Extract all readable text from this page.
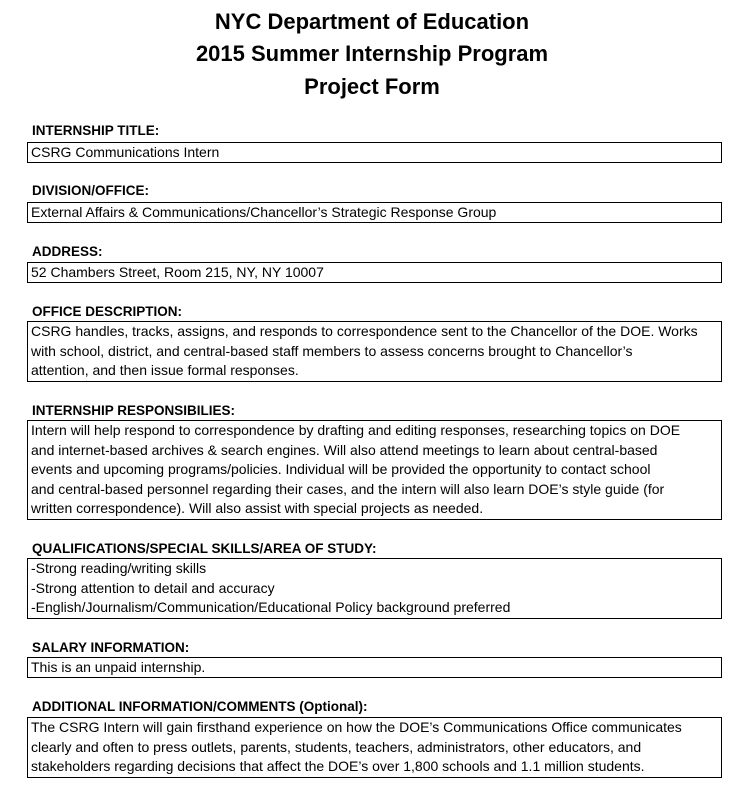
NYC Department of Education
2015 Summer Internship Program
Project Form
INTERNSHIP TITLE:
CSRG Communications Intern
DIVISION/OFFICE:
External Affairs & Communications/Chancellor’s Strategic Response Group
ADDRESS:
52 Chambers Street, Room 215, NY, NY 10007
OFFICE DESCRIPTION:
CSRG handles, tracks, assigns, and responds to correspondence sent to the Chancellor of the DOE. Works
with school, district, and central-based staff members to assess concerns brought to Chancellor’s
attention, and then issue formal responses.
INTERNSHIP RESPONSIBILIES:
Intern will help respond to correspondence by drafting and editing responses, researching topics on DOE
and internet-based archives & search engines. Will also attend meetings to learn about central-based
events and upcoming programs/policies. Individual will be provided the opportunity to contact school
and central-based personnel regarding their cases, and the intern will also learn DOE’s style guide (for
written correspondence). Will also assist with special projects as needed.
QUALIFICATIONS/SPECIAL SKILLS/AREA OF STUDY:
-Strong reading/writing skills
-Strong attention to detail and accuracy
-English/Journalism/Communication/Educational Policy background preferred
SALARY INFORMATION:
This is an unpaid internship.
ADDITIONAL INFORMATION/COMMENTS (Optional):
The CSRG Intern will gain firsthand experience on how the DOE’s Communications Office communicates
clearly and often to press outlets, parents, students, teachers, administrators, other educators, and
stakeholders regarding decisions that affect the DOE’s over 1,800 schools and 1.1 million students.
